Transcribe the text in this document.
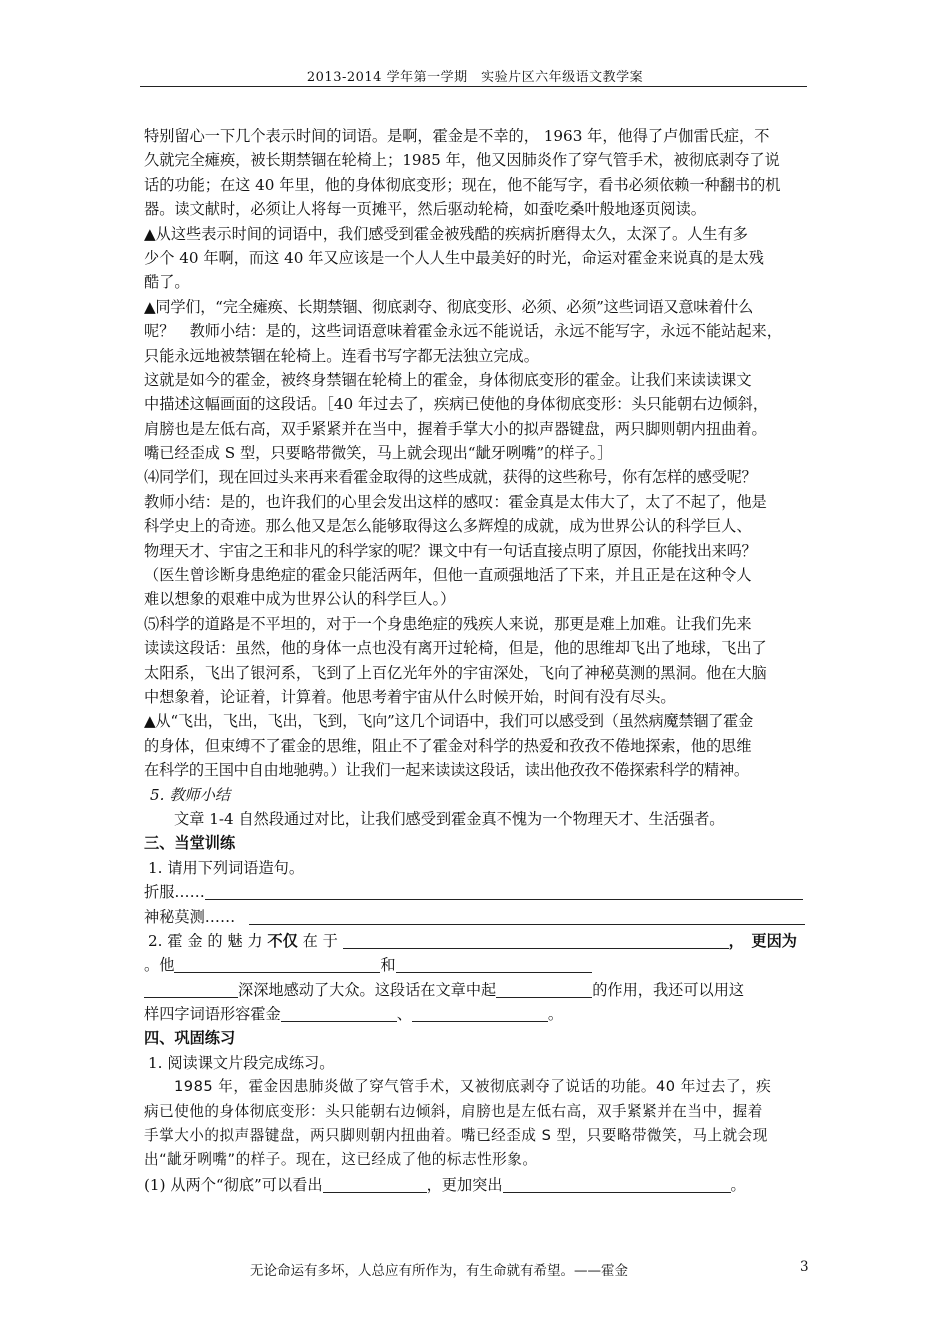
2013-2014 学年第一学期　实验片区六年级语文教学案
特别留心一下几个表示时间的词语。是啊，霍金是不幸的， 1963 年，他得了卢伽雷氏症，不
久就完全瘫痪，被长期禁锢在轮椅上；1985 年，他又因肺炎作了穿气管手术，被彻底剥夺了说
话的功能；在这 40 年里，他的身体彻底变形；现在，他不能写字，看书必须依赖一种翻书的机
器。读文献时，必须让人将每一页摊平，然后驱动轮椅，如蚕吃桑叶般地逐页阅读。
▲从这些表示时间的词语中，我们感受到霍金被残酷的疾病折磨得太久，太深了。人生有多
少个 40 年啊，而这 40 年又应该是一个人人生中最美好的时光，命运对霍金来说真的是太残
酷了。
▲同学们，“完全瘫痪、长期禁锢、彻底剥夺、彻底变形、必须、必须”这些词语又意味着什么
呢？　教师小结：是的，这些词语意味着霍金永远不能说话，永远不能写字，永远不能站起来，
只能永远地被禁锢在轮椅上。连看书写字都无法独立完成。
这就是如今的霍金，被终身禁锢在轮椅上的霍金，身体彻底变形的霍金。让我们来读读课文
中描述这幅画面的这段话。［40 年过去了，疾病已使他的身体彻底变形：头只能朝右边倾斜，
肩膀也是左低右高，双手紧紧并在当中，握着手掌大小的拟声器键盘，两只脚则朝内扭曲着。
嘴已经歪成 S 型，只要略带微笑，马上就会现出“龇牙咧嘴”的样子。］
⑷同学们，现在回过头来再来看霍金取得的这些成就，获得的这些称号，你有怎样的感受呢？
教师小结：是的，也许我们的心里会发出这样的感叹：霍金真是太伟大了，太了不起了，他是
科学史上的奇迹。那么他又是怎么能够取得这么多辉煌的成就，成为世界公认的科学巨人、
物理天才、宇宙之王和非凡的科学家的呢？课文中有一句话直接点明了原因，你能找出来吗？
（医生曾诊断身患绝症的霍金只能活两年，但他一直顽强地活了下来，并且正是在这种令人
难以想象的艰难中成为世界公认的科学巨人。）
⑸科学的道路是不平坦的，对于一个身患绝症的残疾人来说，那更是难上加难。让我们先来
读读这段话：虽然，他的身体一点也没有离开过轮椅，但是，他的思维却飞出了地球，飞出了
太阳系，飞出了银河系，飞到了上百亿光年外的宇宙深处，飞向了神秘莫测的黑洞。他在大脑
中想象着，论证着，计算着。他思考着宇宙从什么时候开始，时间有没有尽头。
▲从“飞出，飞出，飞出，飞到，飞向”这几个词语中，我们可以感受到（虽然病魔禁锢了霍金
的身体，但束缚不了霍金的思维，阻止不了霍金对科学的热爱和孜孜不倦地探索，他的思维
在科学的王国中自由地驰骋。）让我们一起来读读这段话，读出他孜孜不倦探索科学的精神。
5. 教师小结
文章 1-4 自然段通过对比，让我们感受到霍金真不愧为一个物理天才、生活强者。
三、当堂训练
1. 请用下列词语造句。
折服……
神秘莫测……
2. 霍 金 的 魅 力 不仅 在 于	，　更因为
。他	和
深深地感动了大众。这段话在文章中起	的作用，我还可以用这
样四字词语形容霍金	、	。
四、巩固练习
1. 阅读课文片段完成练习。
1985 年，霍金因患肺炎做了穿气管手术，又被彻底剥夺了说话的功能。40 年过去了，疾
病已使他的身体彻底变形：头只能朝右边倾斜，肩膀也是左低右高，双手紧紧并在当中，握着
手掌大小的拟声器键盘，两只脚则朝内扭曲着。嘴已经歪成 S 型，只要略带微笑，马上就会现
出“龇牙咧嘴”的样子。现在，这已经成了他的标志性形象。
(1) 从两个“彻底”可以看出	，更加突出	。
无论命运有多坏，人总应有所作为，有生命就有希望。——霍金	3
